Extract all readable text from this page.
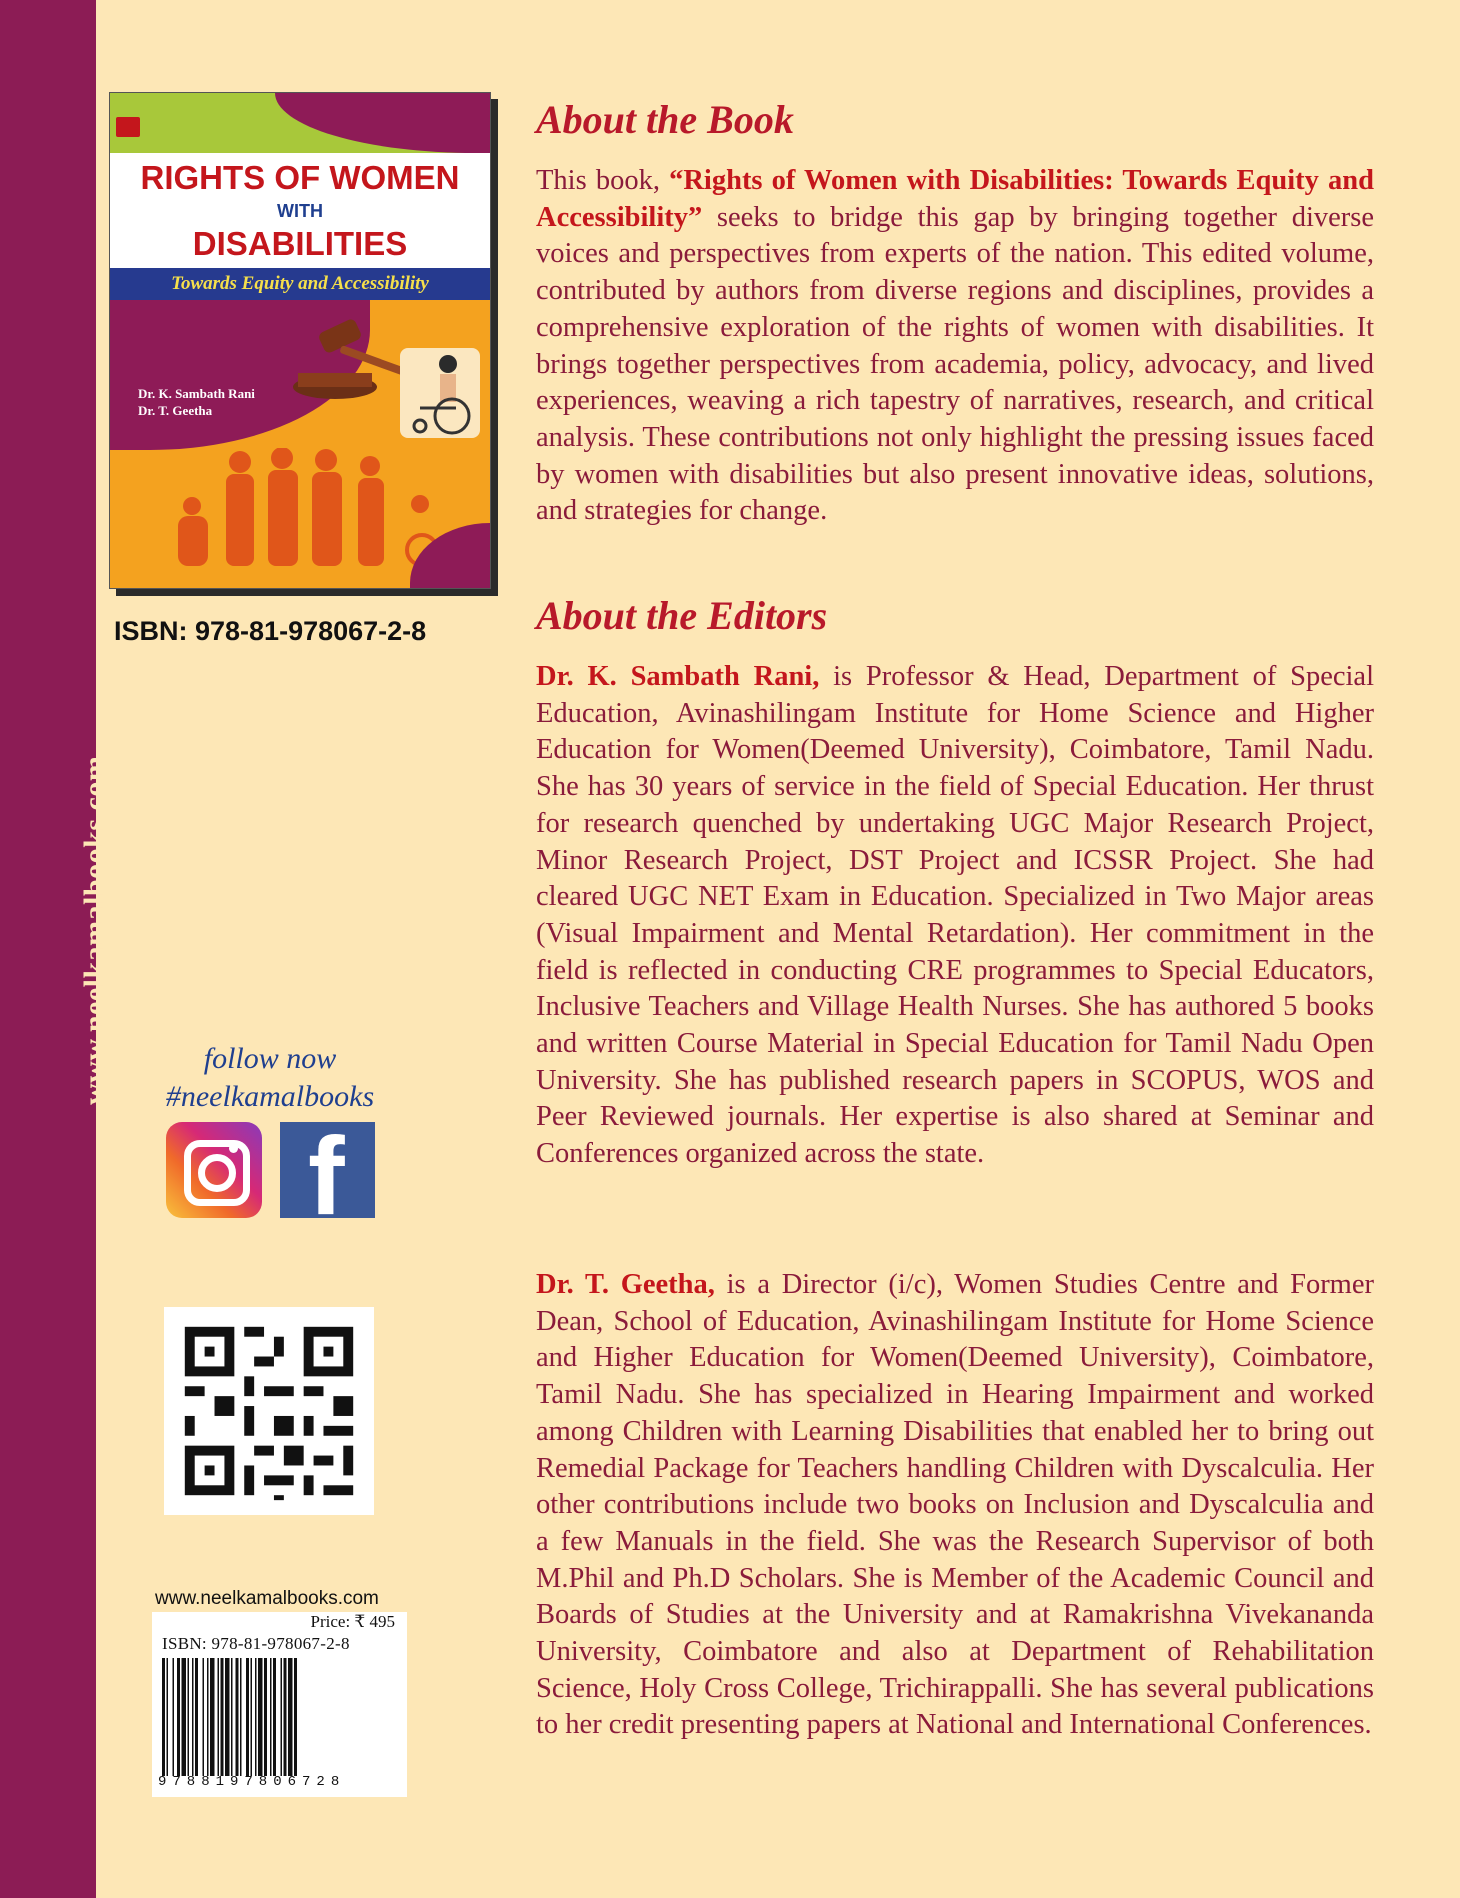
www.neelkamalbooks.com
RIGHTS OF WOMEN
WITH
DISABILITIES
Towards Equity and Accessibility
Dr. K. Sambath Rani
Dr. T. Geetha
ISBN: 978-81-978067-2-8
follow now
#neelkamalbooks
f
www.neelkamalbooks.com
Price: ₹ 495
ISBN: 978-81-978067-2-8
9788197806728
About the Book

This book, “Rights of Women with Disabilities: Towards Equity and Accessibility” seeks to bridge this gap by bringing together diverse voices and perspectives from experts of the nation. This edited volume, contributed by authors from diverse regions and disciplines, provides a comprehensive exploration of the rights of women with disabilities. It brings together perspectives from academia, policy, advocacy, and lived experiences, weaving a rich tapestry of narratives, research, and critical analysis. These contributions not only highlight the pressing issues faced by women with disabilities but also present innovative ideas, solutions, and strategies for change.

About the Editors

Dr. K. Sambath Rani, is Professor & Head, Department of Special Education, Avinashilingam Institute for Home Science and Higher Education for Women(Deemed University), Coimbatore, Tamil Nadu. She has 30 years of service in the field of Special Education. Her thrust for research quenched by undertaking UGC Major Research Project, Minor Research Project, DST Project and ICSSR Project. She had cleared UGC NET Exam in Education. Specialized in Two Major areas (Visual Impairment and Mental Retardation). Her commitment in the field is reflected in conducting CRE programmes to Special Educators, Inclusive Teachers and Village Health Nurses. She has authored 5 books and written Course Material in Special Education for Tamil Nadu Open University. She has published research papers in SCOPUS, WOS and Peer Reviewed journals. Her expertise is also shared at Seminar and Conferences organized across the state.

Dr. T. Geetha, is a Director (i/c), Women Studies Centre and Former Dean, School of Education, Avinashilingam Institute for Home Science and Higher Education for Women(Deemed University), Coimbatore, Tamil Nadu. She has specialized in Hearing Impairment and worked among Children with Learning Disabilities that enabled her to bring out Remedial Package for Teachers handling Children with Dyscalculia. Her other contributions include two books on Inclusion and Dyscalculia and a few Manuals in the field. She was the Research Supervisor of both M.Phil and Ph.D Scholars. She is Member of the Academic Council and Boards of Studies at the University and at Ramakrishna Vivekananda University, Coimbatore and also at Department of Rehabilitation Science, Holy Cross College, Trichirappalli. She has several publications to her credit presenting papers at National and International Conferences.
